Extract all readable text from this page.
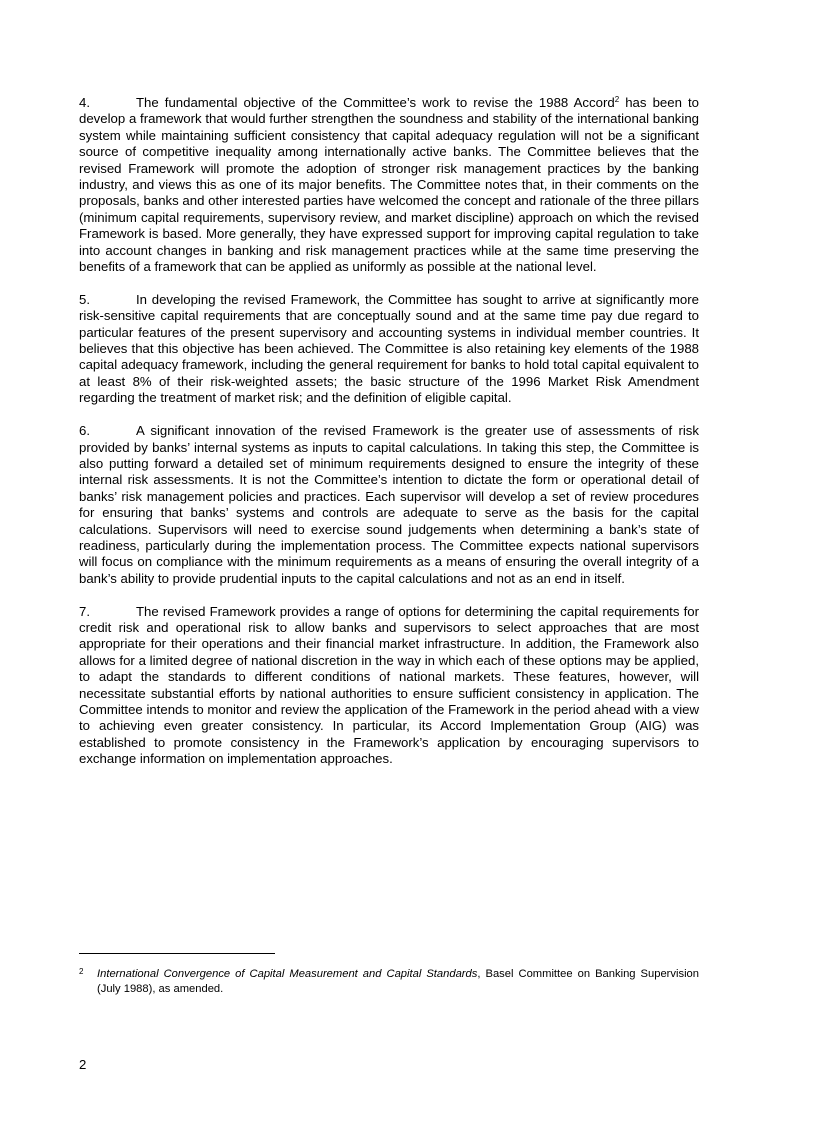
4.	The fundamental objective of the Committee’s work to revise the 1988 Accord$^2$ has been to develop a framework that would further strengthen the soundness and stability of the international banking system while maintaining sufficient consistency that capital adequacy regulation will not be a significant source of competitive inequality among internationally active banks. The Committee believes that the revised Framework will promote the adoption of stronger risk management practices by the banking industry, and views this as one of its major benefits. The Committee notes that, in their comments on the proposals, banks and other interested parties have welcomed the concept and rationale of the three pillars (minimum capital requirements, supervisory review, and market discipline) approach on which the revised Framework is based. More generally, they have expressed support for improving capital regulation to take into account changes in banking and risk management practices while at the same time preserving the benefits of a framework that can be applied as uniformly as possible at the national level.

5.	In developing the revised Framework, the Committee has sought to arrive at significantly more risk-sensitive capital requirements that are conceptually sound and at the same time pay due regard to particular features of the present supervisory and accounting systems in individual member countries. It believes that this objective has been achieved. The Committee is also retaining key elements of the 1988 capital adequacy framework, including the general requirement for banks to hold total capital equivalent to at least 8% of their risk-weighted assets; the basic structure of the 1996 Market Risk Amendment regarding the treatment of market risk; and the definition of eligible capital.

6.	A significant innovation of the revised Framework is the greater use of assessments of risk provided by banks’ internal systems as inputs to capital calculations. In taking this step, the Committee is also putting forward a detailed set of minimum requirements designed to ensure the integrity of these internal risk assessments. It is not the Committee’s intention to dictate the form or operational detail of banks’ risk management policies and practices. Each supervisor will develop a set of review procedures for ensuring that banks’ systems and controls are adequate to serve as the basis for the capital calculations. Supervisors will need to exercise sound judgements when determining a bank’s state of readiness, particularly during the implementation process. The Committee expects national supervisors will focus on compliance with the minimum requirements as a means of ensuring the overall integrity of a bank’s ability to provide prudential inputs to the capital calculations and not as an end in itself.

7.	The revised Framework provides a range of options for determining the capital requirements for credit risk and operational risk to allow banks and supervisors to select approaches that are most appropriate for their operations and their financial market infrastructure. In addition, the Framework also allows for a limited degree of national discretion in the way in which each of these options may be applied, to adapt the standards to different conditions of national markets. These features, however, will necessitate substantial efforts by national authorities to ensure sufficient consistency in application. The Committee intends to monitor and review the application of the Framework in the period ahead with a view to achieving even greater consistency. In particular, its Accord Implementation Group (AIG) was established to promote consistency in the Framework’s application by encouraging supervisors to exchange information on implementation approaches.

2 International Convergence of Capital Measurement and Capital Standards, Basel Committee on Banking Supervision (July 1988), as amended.
2
